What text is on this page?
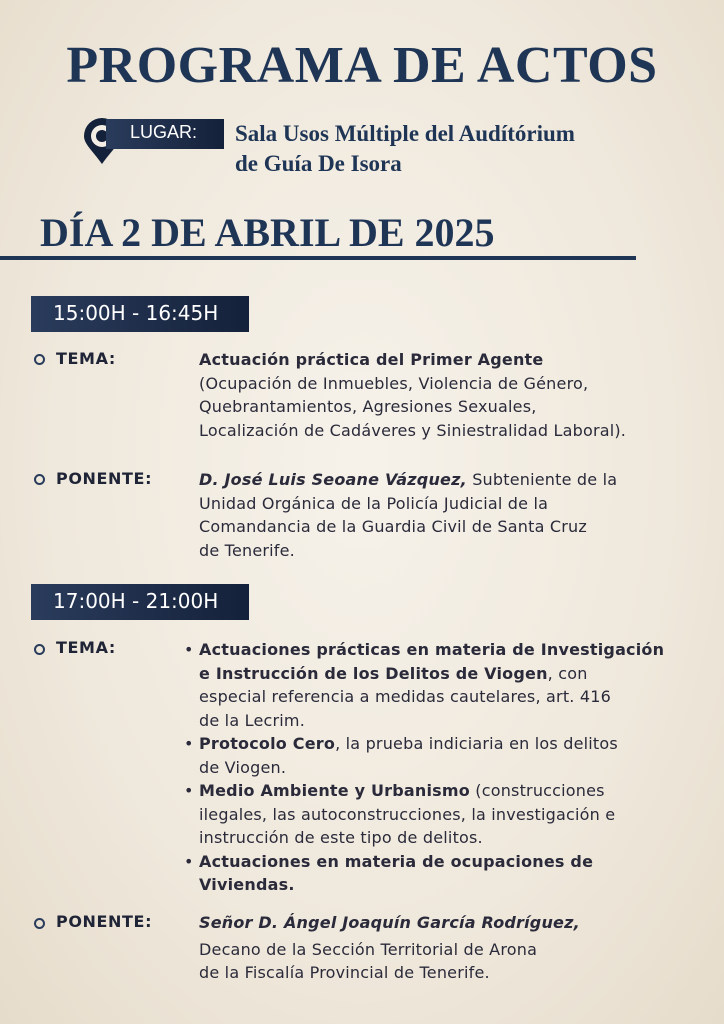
PROGRAMA DE ACTOS
LUGAR:	Sala Usos Múltiple del Audítórium
de Guía De Isora
DÍA 2 DE ABRIL DE 2025
15:00H - 16:45H
TEMA:	Actuación práctica del Primer Agente
(Ocupación de Inmuebles, Violencia de Género,
Quebrantamientos, Agresiones Sexuales,
Localización de Cadáveres y Siniestralidad Laboral).
PONENTE:	D. José Luis Seoane Vázquez, Subteniente de la
Unidad Orgánica de la Policía Judicial de la
Comandancia de la Guardia Civil de Santa Cruz
de Tenerife.
17:00H - 21:00H
TEMA:
•	Actuaciones prácticas en materia de Investigación
e Instrucción de los Delitos de Viogen, con
especial referencia a medidas cautelares, art. 416
de la Lecrim.
• Protocolo Cero, la prueba indiciaria en los delitos
de Viogen.
• Medio Ambiente y Urbanismo (construcciones
ilegales, las autoconstrucciones, la investigación e
instrucción de este tipo de delitos.
• Actuaciones en materia de ocupaciones de
Viviendas.
PONENTE:	Señor D. Ángel Joaquín García Rodríguez,
Decano de la Sección Territorial de Arona
de la Fiscalía Provincial de Tenerife.
